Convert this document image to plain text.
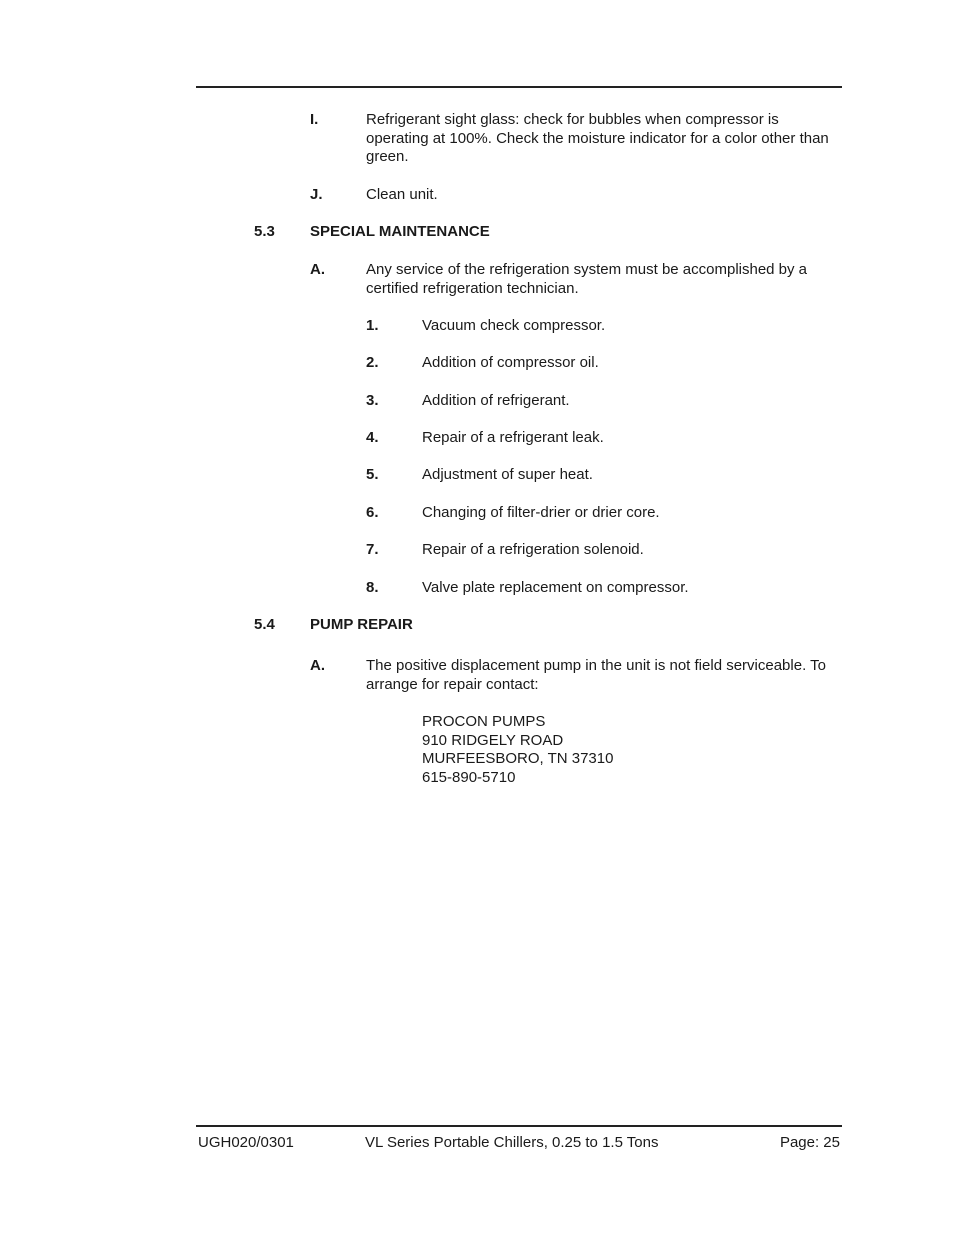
I.	Refrigerant sight glass: check for bubbles when compressor is operating at 100%. Check the moisture indicator for a color other than green.
J.	Clean unit.
5.3 SPECIAL MAINTENANCE
A.	Any service of the refrigeration system must be accomplished by a certified refrigeration technician.
1.	Vacuum check compressor.
2.	Addition of compressor oil.
3.	Addition of refrigerant.
4.	Repair of a refrigerant leak.
5.	Adjustment of super heat.
6.	Changing of filter-drier or drier core.
7.	Repair of a refrigeration solenoid.
8.	Valve plate replacement on compressor.
5.4 PUMP REPAIR
A.	The positive displacement pump in the unit is not field serviceable. To arrange for repair contact:
PROCON PUMPS
910 RIDGELY ROAD
MURFEESBORO, TN 37310
615-890-5710
UGH020/0301	VL Series Portable Chillers, 0.25 to 1.5 Tons	Page: 25
